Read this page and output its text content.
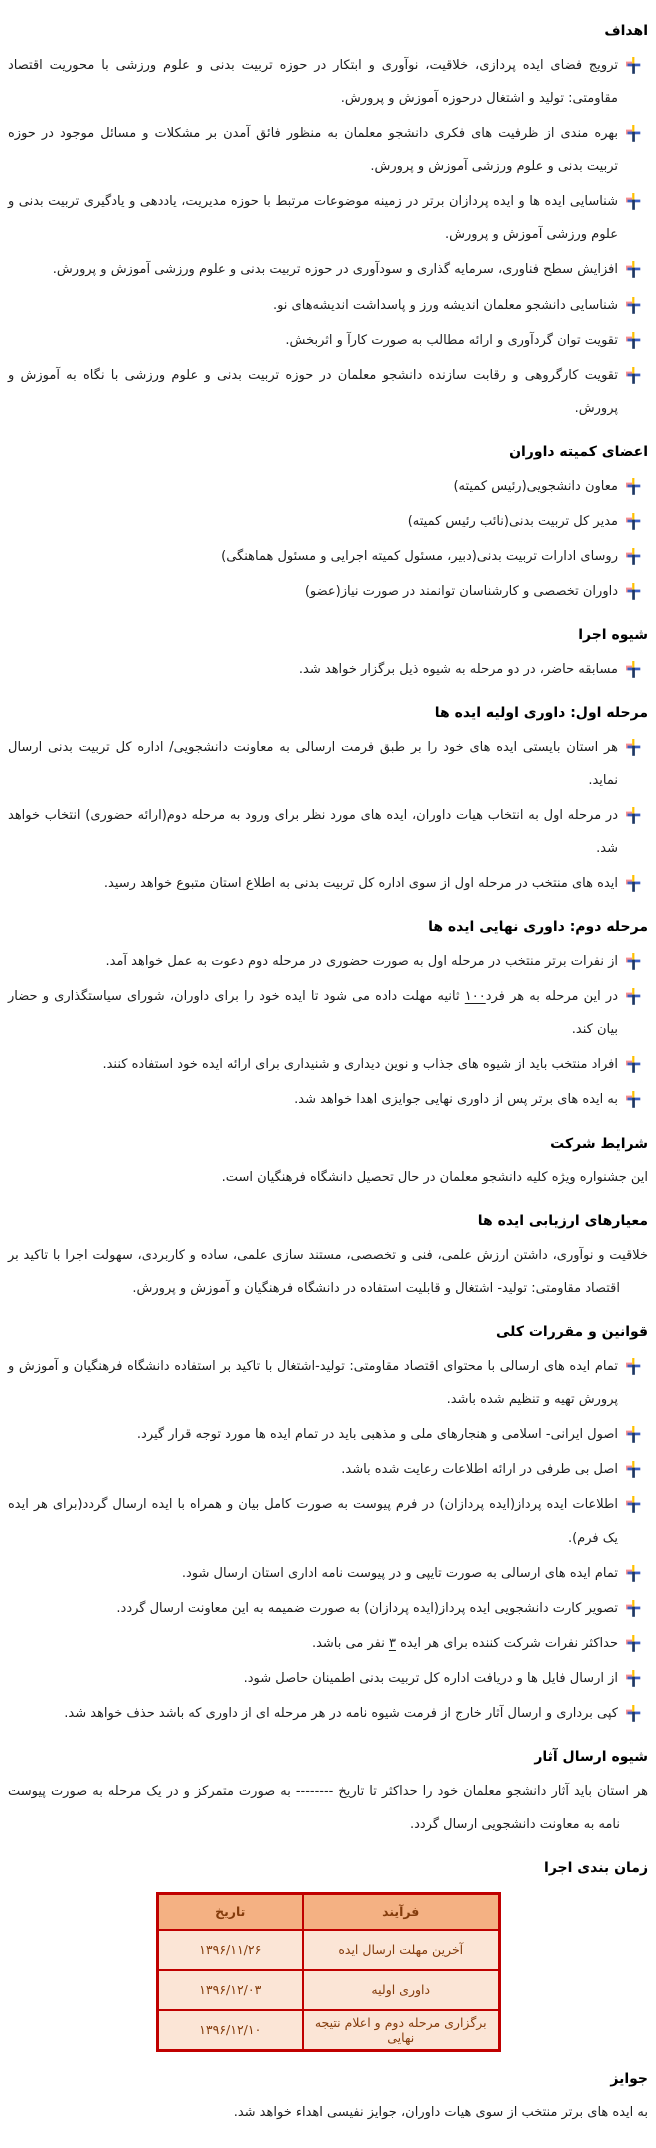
اهداف
ترویج فضای ایده پردازی، خلاقیت، نوآوری و ابتکار در حوزه تربیت بدنی و علوم ورزشی با محوریت اقتصاد مقاومتی: تولید و اشتغال درحوزه آموزش و پرورش.
بهره مندی از ظرفیت های فکری دانشجو معلمان به منظور فائق آمدن بر مشکلات و مسائل موجود در حوزه تربیت بدنی و علوم ورزشی آموزش و پرورش.
شناسایی ایده ها و ایده پردازان برتر در زمینه موضوعات مرتبط با حوزه مدیریت، یاددهی و یادگیری تربیت بدنی و علوم ورزشی آموزش و پرورش.
افزایش سطح فناوری، سرمایه گذاری و سودآوری در حوزه تربیت بدنی و علوم ورزشی آموزش و پرورش.
شناسایی دانشجو معلمان اندیشه ورز و پاسداشت اندیشه‌های نو.
تقویت توان گردآوری و ارائه مطالب به صورت کارآ و اثربخش.
تقویت کارگروهی و رقابت سازنده دانشجو معلمان در حوزه تربیت بدنی و علوم ورزشی با نگاه به آموزش و پرورش.
اعضای کمیته داوران
معاون دانشجویی(رئیس کمیته)
مدیر کل تربیت بدنی(نائب رئیس کمیته)
روسای ادارات تربیت بدنی(دبیر، مسئول کمیته اجرایی و مسئول هماهنگی)
داوران تخصصی و کارشناسان توانمند در صورت نیاز(عضو)
شیوه اجرا
مسابقه حاضر، در دو مرحله به شیوه ذیل برگزار خواهد شد.
مرحله اول: داوری اولیه ایده ها
هر استان بایستی ایده های خود را بر طبق فرمت ارسالی به معاونت دانشجویی/ اداره کل تربیت بدنی ارسال نماید.
در مرحله اول به انتخاب هیات داوران، ایده های مورد نظر برای ورود به مرحله دوم(ارائه حضوری) انتخاب خواهد شد.
ایده های منتخب در مرحله اول از سوی اداره کل تربیت بدنی به اطلاع استان متبوع خواهد رسید.
مرحله دوم: داوری نهایی ایده ها
از نفرات برتر منتخب در مرحله اول به صورت حضوری در مرحله دوم دعوت به عمل خواهد آمد.
در این مرحله به هر فرد۱۰۰ ثانیه مهلت داده می شود تا ایده خود را برای داوران، شورای سیاستگذاری و حضار بیان کند.
افراد منتخب باید از شیوه های جذاب و نوین دیداری و شنیداری برای ارائه ایده خود استفاده کنند.
به ایده های برتر پس از داوری نهایی جوایزی اهدا خواهد شد.
شرایط شرکت
این جشنواره ویژه کلیه دانشجو معلمان در حال تحصیل دانشگاه فرهنگیان است.
معیارهای ارزیابی ایده ها
خلاقیت و نوآوری، داشتن ارزش علمی، فنی و تخصصی، مستند سازی علمی، ساده و کاربردی، سهولت اجرا با تاکید بر اقتصاد مقاومتی: تولید- اشتغال و قابلیت استفاده در دانشگاه فرهنگیان و آموزش و پرورش.
قوانین و مقررات کلی
تمام ایده های ارسالی با محتوای اقتصاد مقاومتی: تولید-اشتغال با تاکید بر استفاده دانشگاه فرهنگیان و آموزش و پرورش تهیه و تنظیم شده باشد.
اصول ایرانی- اسلامی و هنجارهای ملی و مذهبی باید در تمام ایده ها مورد توجه قرار گیرد.
اصل بی طرفی در ارائه اطلاعات رعایت شده باشد.
اطلاعات ایده پرداز(ایده پردازان) در فرم پیوست به صورت کامل بیان و همراه با ایده ارسال گردد(برای هر ایده یک فرم).
تمام ایده های ارسالی به صورت تایپی و در پیوست نامه اداری استان ارسال شود.
تصویر کارت دانشجویی ایده پرداز(ایده پردازان) به صورت ضمیمه به این معاونت ارسال گردد.
حداکثر نفرات شرکت کننده برای هر ایده ۳ نفر می باشد.
از ارسال فایل ها و دریافت اداره کل تربیت بدنی اطمینان حاصل شود.
کپی برداری و ارسال آثار خارج از فرمت شیوه نامه در هر مرحله ای از داوری که باشد حذف خواهد شد.
شیوه ارسال آثار
هر استان باید آثار دانشجو معلمان خود را حداکثر تا تاریخ -------- به صورت متمرکز و در یک مرحله به صورت پیوست نامه به معاونت دانشجویی ارسال گردد.
زمان بندی اجرا
فرآیند	تاریخ
آخرین مهلت ارسال ایده	۱۳۹۶/۱۱/۲۶
داوری اولیه	۱۳۹۶/۱۲/۰۳
برگزاری مرحله دوم و اعلام نتیجه نهایی	۱۳۹۶/۱۲/۱۰
جوایز
به ایده های برتر منتخب از سوی هیات داوران، جوایز نفیسی اهداء خواهد شد.
